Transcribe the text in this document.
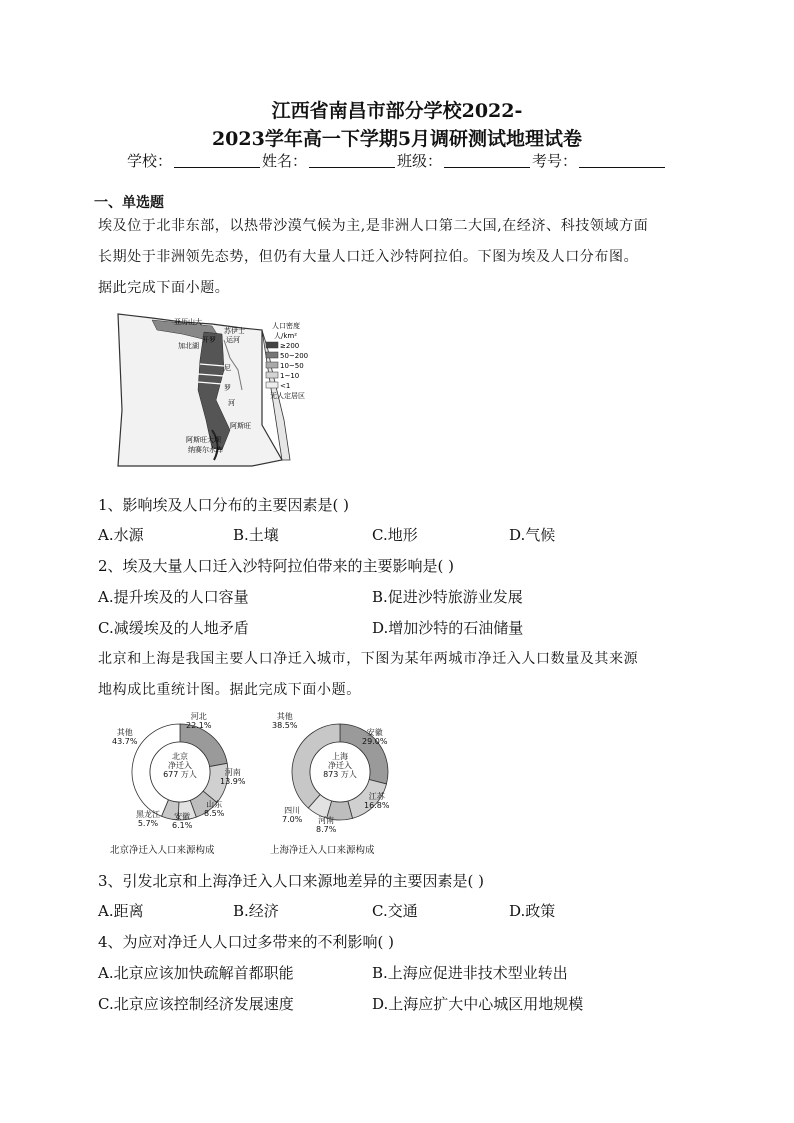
江西省南昌市部分学校2022-
2023学年高一下学期5月调研测试地理试卷
学校：	姓名：	班级：	考号：
一、单选题
埃及位于北非东部，以热带沙漠气候为主,是非洲人口第二大国,在经济、科技领域方面
长期处于非洲领先态势，但仍有大量人口迁入沙特阿拉伯。下图为埃及人口分布图。
据此完成下面小题。
亚历山大
开罗
苏伊士
运河
加北湖
尼
罗
河
阿斯旺
阿斯旺大坝
纳赛尔水库
人口密度
人/km²
≥200
50~200
10~50
1~10
<1
无人定居区
1、影响埃及人口分布的主要因素是( )
A.水源	B.土壤	C.地形	D.气候
2、埃及大量人口迁入沙特阿拉伯带来的主要影响是( )
A.提升埃及的人口容量	B.促进沙特旅游业发展
C.减缓埃及的人地矛盾	D.增加沙特的石油储量
北京和上海是我国主要人口净迁入城市，下图为某年两城市净迁入人口数量及其来源
地构成比重统计图。据此完成下面小题。
北京
净迁入
677 万人
其他
43.7%
河北
22.1%
河南
13.9%
山东
8.5%
安徽
6.1%
黑龙江
5.7%
北京净迁入人口来源构成
上海
净迁入
873 万人
其他
38.5%
安徽
29.0%
江苏
16.8%
河南
8.7%
四川
7.0%
上海净迁入人口来源构成
3、引发北京和上海净迁入人口来源地差异的主要因素是( )
A.距离	B.经济	C.交通	D.政策
4、为应对净迁人人口过多带来的不利影响( )
A.北京应该加快疏解首都职能	B.上海应促进非技术型业转出
C.北京应该控制经济发展速度	D.上海应扩大中心城区用地规模
